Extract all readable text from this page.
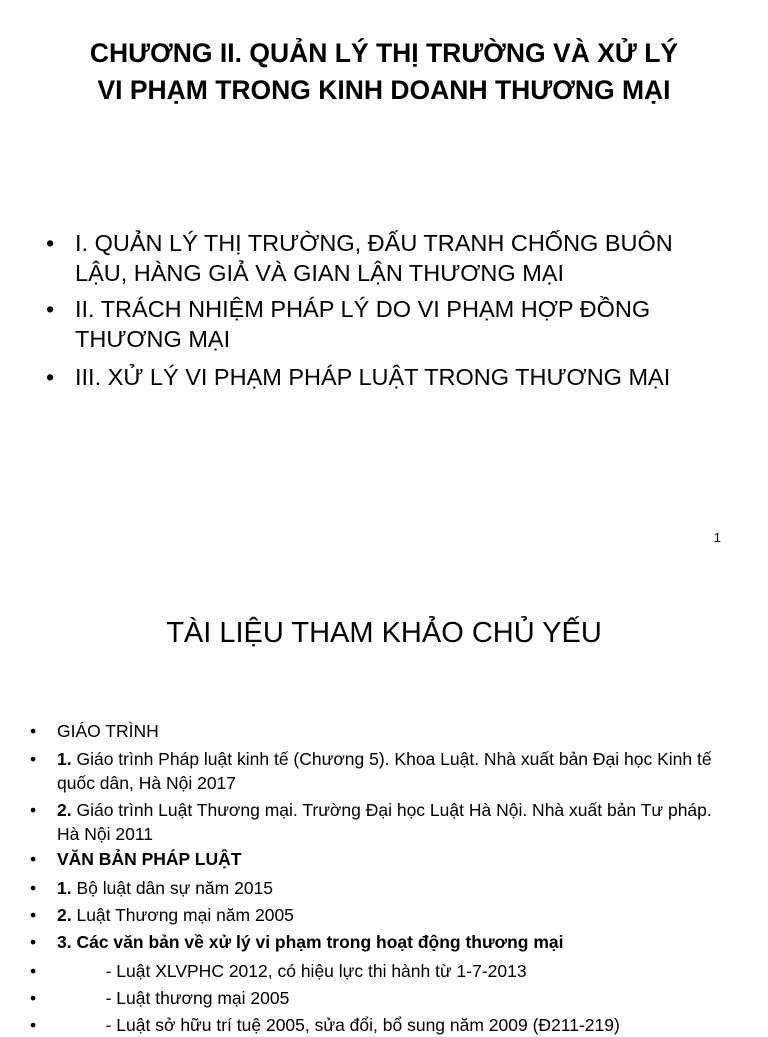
CHƯƠNG II. QUẢN LÝ THỊ TRƯỜNG VÀ XỬ LÝ
VI PHẠM TRONG KINH DOANH THƯƠNG MẠI
• I. QUẢN LÝ THỊ TRƯỜNG, ĐẤU TRANH CHỐNG BUÔN LẬU, HÀNG GIẢ VÀ GIAN LẬN THƯƠNG MẠI
• II. TRÁCH NHIỆM PHÁP LÝ DO VI PHẠM HỢP ĐỒNG THƯƠNG MẠI
• III. XỬ LÝ VI PHẠM PHÁP LUẬT TRONG THƯƠNG MẠI
1
TÀI LIỆU THAM KHẢO CHỦ YẾU
• GIÁO TRÌNH
• 1. Giáo trình Pháp luật kinh tế (Chương 5). Khoa Luật. Nhà xuất bản Đại học Kinh tế quốc dân, Hà Nội 2017
• 2. Giáo trình Luật Thương mại. Trường Đại học Luật Hà Nội. Nhà xuất bản Tư pháp. Hà Nội 2011
• VĂN BẢN PHÁP LUẬT
• 1. Bộ luật dân sự năm 2015
• 2. Luật Thương mại năm 2005
• 3. Các văn bản về xử lý vi phạm trong hoạt động thương mại
• - Luật XLVPHC 2012, có hiệu lực thi hành từ 1-7-2013
• - Luật thương mại 2005
• - Luật sở hữu trí tuệ 2005, sửa đổi, bổ sung năm 2009 (Đ211-219)
